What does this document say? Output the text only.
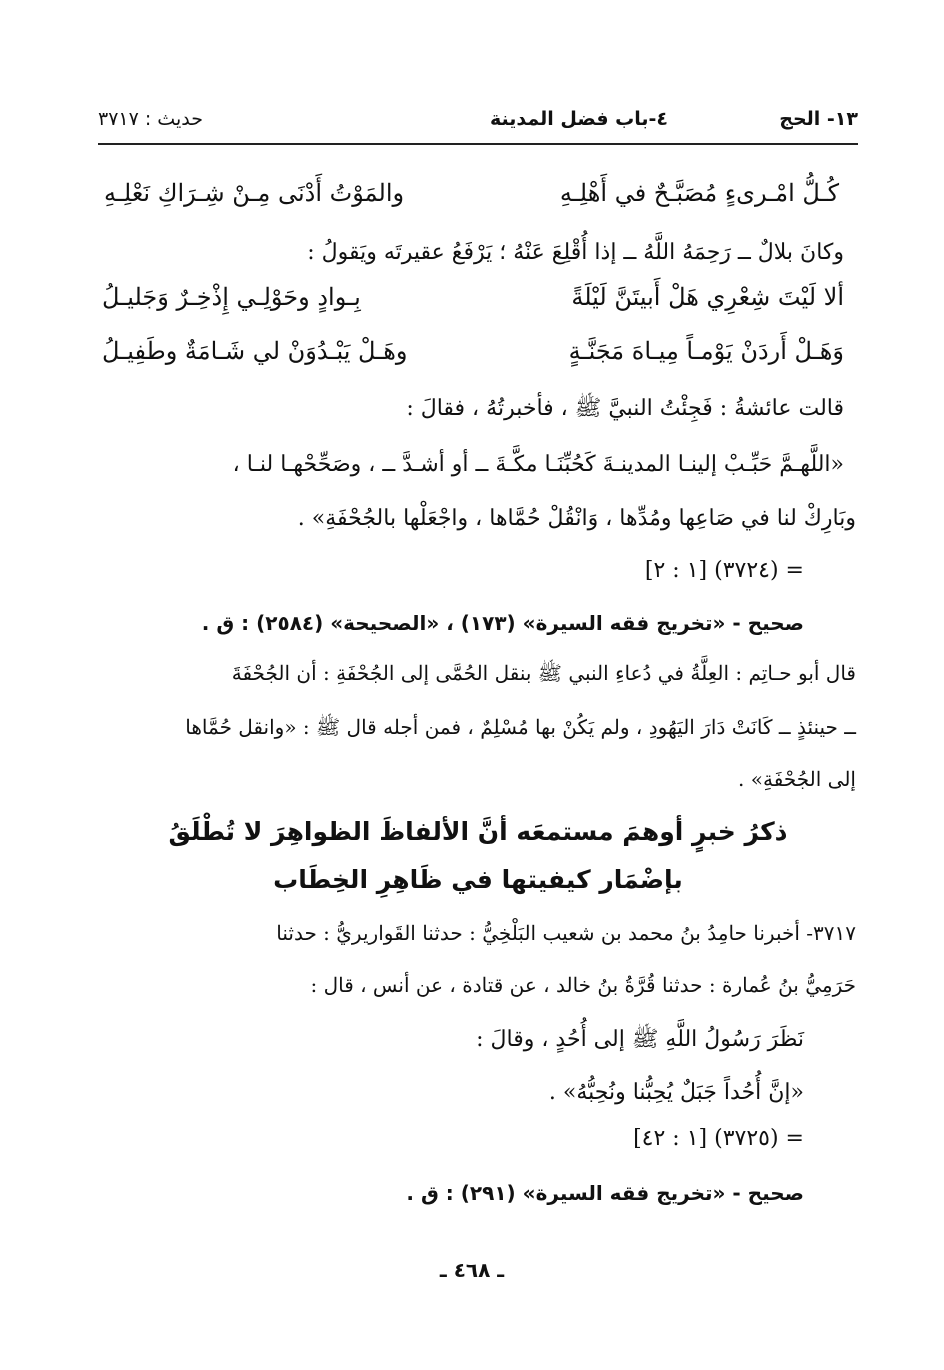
١٣- الحج
٤-باب فضل المدينة
حديث : ٣٧١٧
كُـلُّ امْـرىءٍ مُصَبَّـحٌ في أَهْلِـهِ
والمَوْتُ أَدْنَى مِـنْ شِـرَاكِ نَعْلِـهِ
وكانَ بلالٌ ــ رَحِمَهُ اللَّهُ ــ إذا أُقْلِعَ عَنْهُ ؛ يَرْفَعُ عقيرتَه ويَقولُ :
ألا لَيْتَ شِعْرِي هَلْ أَبيتَنَّ لَيْلَةً
بِـوادٍ وحَوْلِـي إِذْخِـرٌ وَجَليـلُ
وَهَـلْ أَردَنْ يَوْمـاً مِيـاهَ مَجَنَّـةٍ
وهَـلْ يَبْـدُوَنْ لي شَـامَةٌ وطَفِيـلُ
قالت عائشةُ : فَجِئْتُ النبيَّ ﷺ ، فأخبرتُهُ ، فقالَ :
«اللَّهـمَّ حَبِّـبْ إلينـا المدينـةَ كَحُبِّنَـا مكَّـةَ ــ أو أشـدَّ ــ ، وصَحِّحْهـا لنـا ،
وبَارِكْ لنا في صَاعِها ومُدِّها ، وَانْقُلْ حُمَّاها ، واجْعَلْها بالجُحْفَةِ» .
= (٣٧٢٤) [١ : ٢]
صحيح - «تخريج فقه السيرة» (١٧٣) ، «الصحيحة» (٢٥٨٤) : ق .
قال أبو حـاتِم : العِلَّةُ في دُعاءِ النبي ﷺ بنقل الحُمَّى إلى الجُحْفَةِ : أن الجُحْفَةَ
ــ حينئذٍ ــ كَانَتْ دَارَ اليَهُودِ ، ولم يَكُنْ بها مُسْلِمٌ ، فمن أجله قال ﷺ : «وانقل حُمَّاها
إلى الجُحْفَةِ» .
ذكرُ خبرٍ أوهمَ مستمعَه أنَّ الألفاظَ الظواهِرَ لا تُطْلَقُ
بإضْمَار كيفيتها في ظَاهِرِ الخِطَاب
٣٧١٧- أخبرنا حامِدُ بنُ محمد بن شعيب البَلْخِيُّ : حدثنا القَواريريُّ : حدثنا
حَرَمِيُّ بنُ عُمارة : حدثنا قُرَّةُ بنُ خالد ، عن قتادة ، عن أنس ، قال :
نَظَرَ رَسُولُ اللَّهِ ﷺ إلى أُحُدٍ ، وقالَ :
«إنَّ أُحُداً جَبَلٌ يُحِبُّنا ونُحِبُّهُ» .
= (٣٧٢٥) [١ : ٤٢]
صحيح - «تخريج فقه السيرة» (٢٩١) : ق .
ـ ٤٦٨ ـ
